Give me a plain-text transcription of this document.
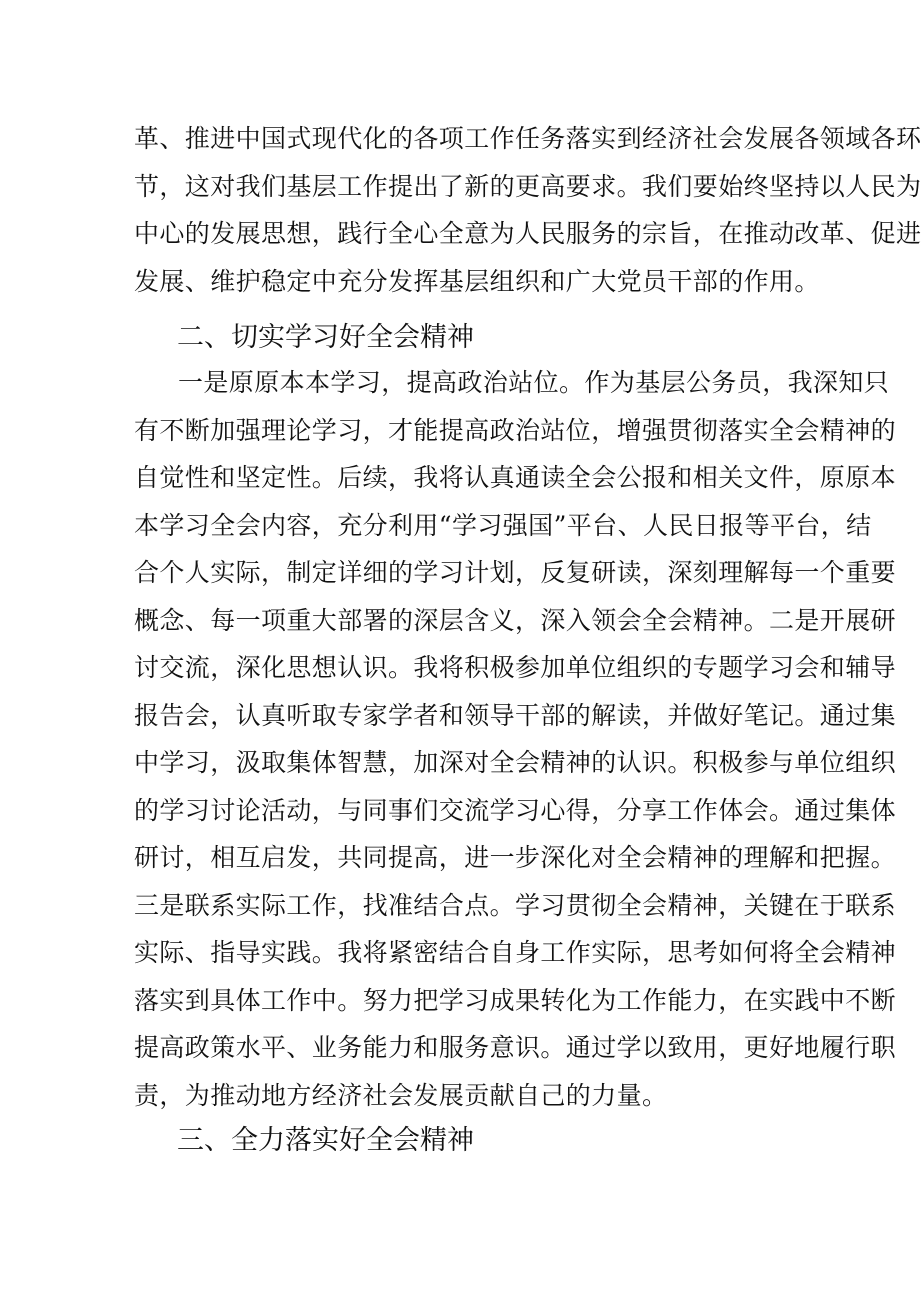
革、推进中国式现代化的各项工作任务落实到经济社会发展各领域各环
节，这对我们基层工作提出了新的更高要求。我们要始终坚持以人民为
中心的发展思想，践行全心全意为人民服务的宗旨，在推动改革、促进
发展、维护稳定中充分发挥基层组织和广大党员干部的作用。
二、切实学习好全会精神
一是原原本本学习，提高政治站位。作为基层公务员，我深知只
有不断加强理论学习，才能提高政治站位，增强贯彻落实全会精神的
自觉性和坚定性。后续，我将认真通读全会公报和相关文件，原原本
本学习全会内容，充分利用“学习强国”平台、人民日报等平台，结
合个人实际，制定详细的学习计划，反复研读，深刻理解每一个重要
概念、每一项重大部署的深层含义，深入领会全会精神。二是开展研
讨交流，深化思想认识。我将积极参加单位组织的专题学习会和辅导
报告会，认真听取专家学者和领导干部的解读，并做好笔记。通过集
中学习，汲取集体智慧，加深对全会精神的认识。积极参与单位组织
的学习讨论活动，与同事们交流学习心得，分享工作体会。通过集体
研讨，相互启发，共同提高，进一步深化对全会精神的理解和把握。
三是联系实际工作，找准结合点。学习贯彻全会精神，关键在于联系
实际、指导实践。我将紧密结合自身工作实际，思考如何将全会精神
落实到具体工作中。努力把学习成果转化为工作能力，在实践中不断
提高政策水平、业务能力和服务意识。通过学以致用，更好地履行职
责，为推动地方经济社会发展贡献自己的力量。
三、全力落实好全会精神
